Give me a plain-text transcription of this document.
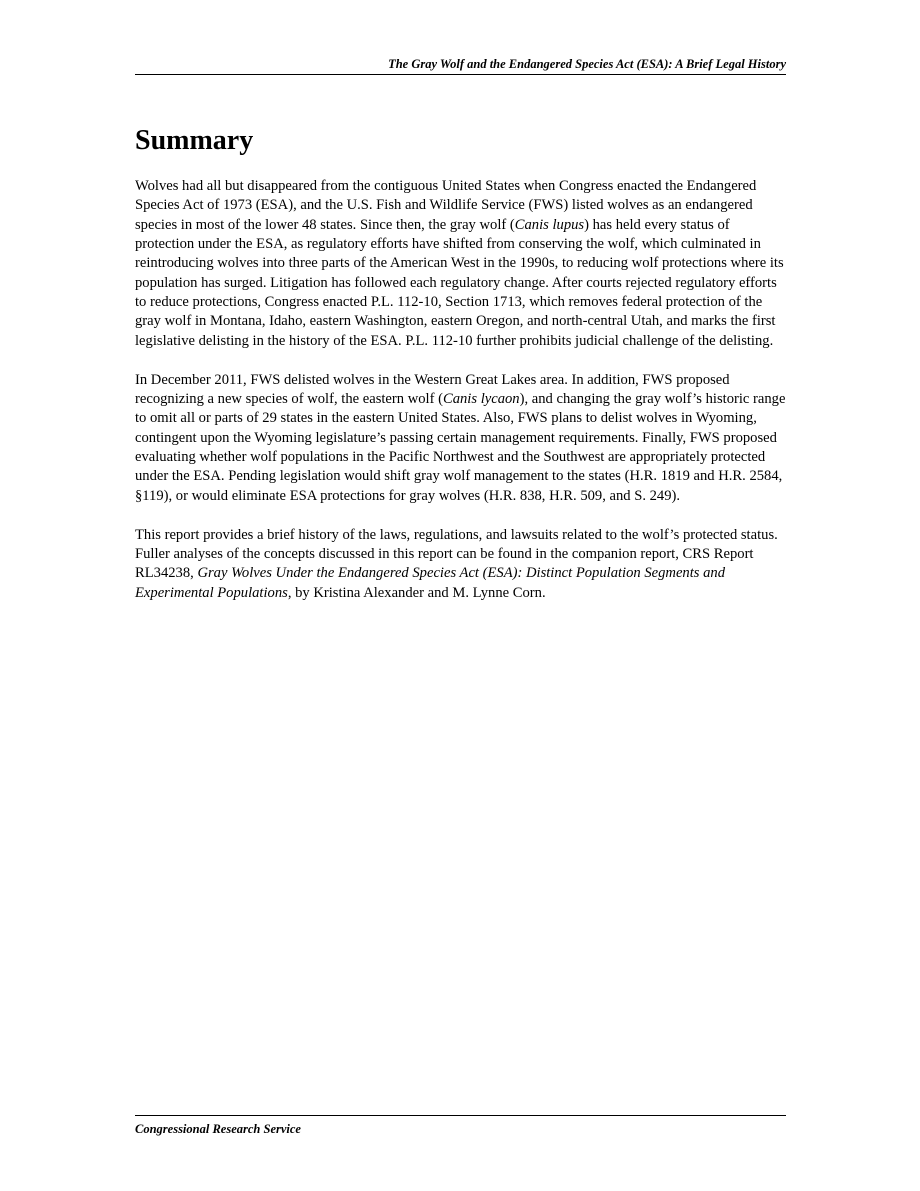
The Gray Wolf and the Endangered Species Act (ESA): A Brief Legal History
Summary

Wolves had all but disappeared from the contiguous United States when Congress enacted the Endangered Species Act of 1973 (ESA), and the U.S. Fish and Wildlife Service (FWS) listed wolves as an endangered species in most of the lower 48 states. Since then, the gray wolf (Canis lupus) has held every status of protection under the ESA, as regulatory efforts have shifted from conserving the wolf, which culminated in reintroducing wolves into three parts of the American West in the 1990s, to reducing wolf protections where its population has surged. Litigation has followed each regulatory change. After courts rejected regulatory efforts to reduce protections, Congress enacted P.L. 112-10, Section 1713, which removes federal protection of the gray wolf in Montana, Idaho, eastern Washington, eastern Oregon, and north-central Utah, and marks the first legislative delisting in the history of the ESA. P.L. 112-10 further prohibits judicial challenge of the delisting.

In December 2011, FWS delisted wolves in the Western Great Lakes area. In addition, FWS proposed recognizing a new species of wolf, the eastern wolf (Canis lycaon), and changing the gray wolf’s historic range to omit all or parts of 29 states in the eastern United States. Also, FWS plans to delist wolves in Wyoming, contingent upon the Wyoming legislature’s passing certain management requirements. Finally, FWS proposed evaluating whether wolf populations in the Pacific Northwest and the Southwest are appropriately protected under the ESA. Pending legislation would shift gray wolf management to the states (H.R. 1819 and H.R. 2584, §119), or would eliminate ESA protections for gray wolves (H.R. 838, H.R. 509, and S. 249).

This report provides a brief history of the laws, regulations, and lawsuits related to the wolf’s protected status. Fuller analyses of the concepts discussed in this report can be found in the companion report, CRS Report RL34238, Gray Wolves Under the Endangered Species Act (ESA): Distinct Population Segments and Experimental Populations, by Kristina Alexander and M. Lynne Corn.

Congressional Research Service
